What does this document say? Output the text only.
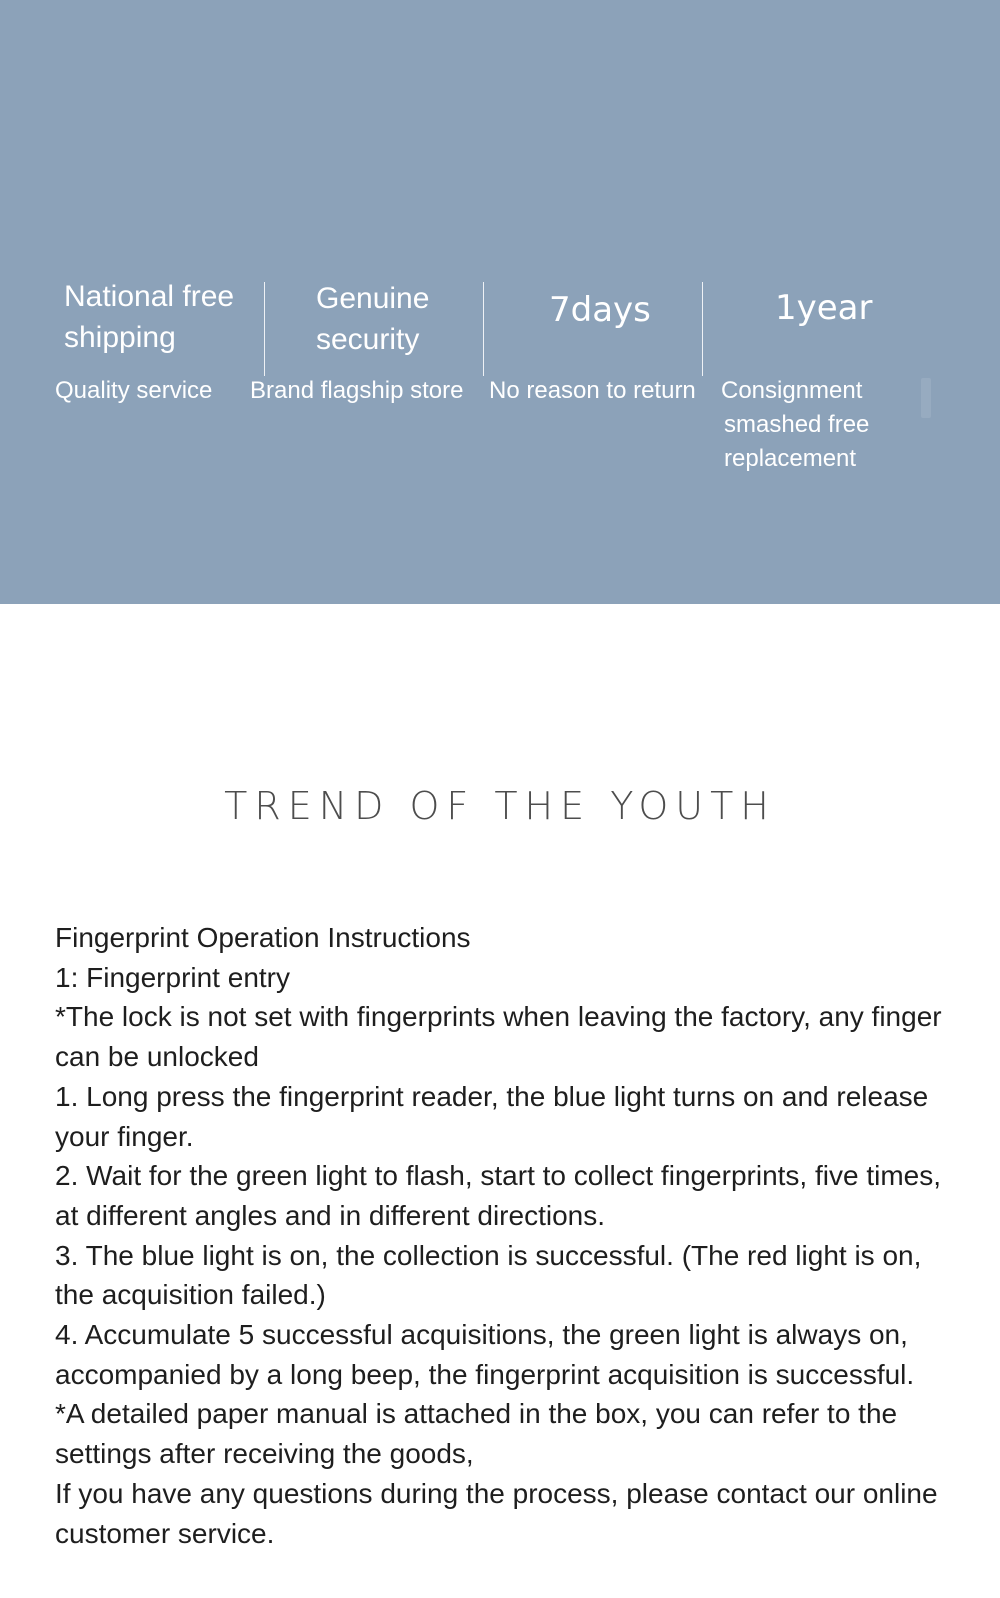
National free shipping
Quality service
Genuine security
Brand flagship store
7days
No reason to return
1year
Consignment smashed free replacement
TREND OF THE YOUTH

Fingerprint Operation Instructions

1: Fingerprint entry

*The lock is not set with fingerprints when leaving the factory, any finger can be unlocked

1. Long press the fingerprint reader, the blue light turns on and release your finger.

2. Wait for the green light to flash, start to collect fingerprints, five times, at different angles and in different directions.

3. The blue light is on, the collection is successful. (The red light is on, the acquisition failed.)

4. Accumulate 5 successful acquisitions, the green light is always on, accompanied by a long beep, the fingerprint acquisition is successful.

*A detailed paper manual is attached in the box, you can refer to the settings after receiving the goods,

If you have any questions during the process, please contact our online customer service.
